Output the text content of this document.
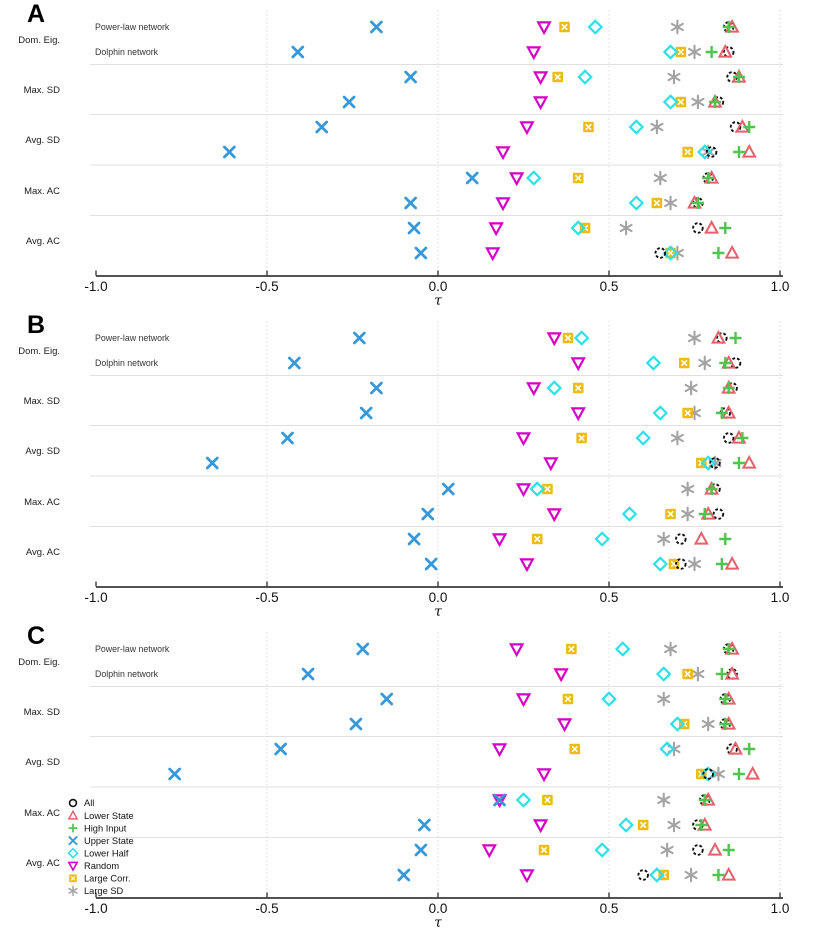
-1.0	-0.5	0.0	0.5	1.0
τ
A
Dom. Eig.
Max. SD
Avg. SD
Max. AC
Avg. AC
Power-law network
Dolphin network
-1.0	-0.5	0.0	0.5	1.0
τ
B
Dom. Eig.
Max. SD
Avg. SD
Max. AC
Avg. AC
Power-law network
Dolphin network
-1.0	-0.5	0.0	0.5	1.0
τ
C
Dom. Eig.
Max. SD
Avg. SD
Max. AC
Avg. AC
Power-law network
Dolphin network
All
Lower State
High Input
Upper State
Lower Half
Random
Large Corr.
Large SD
